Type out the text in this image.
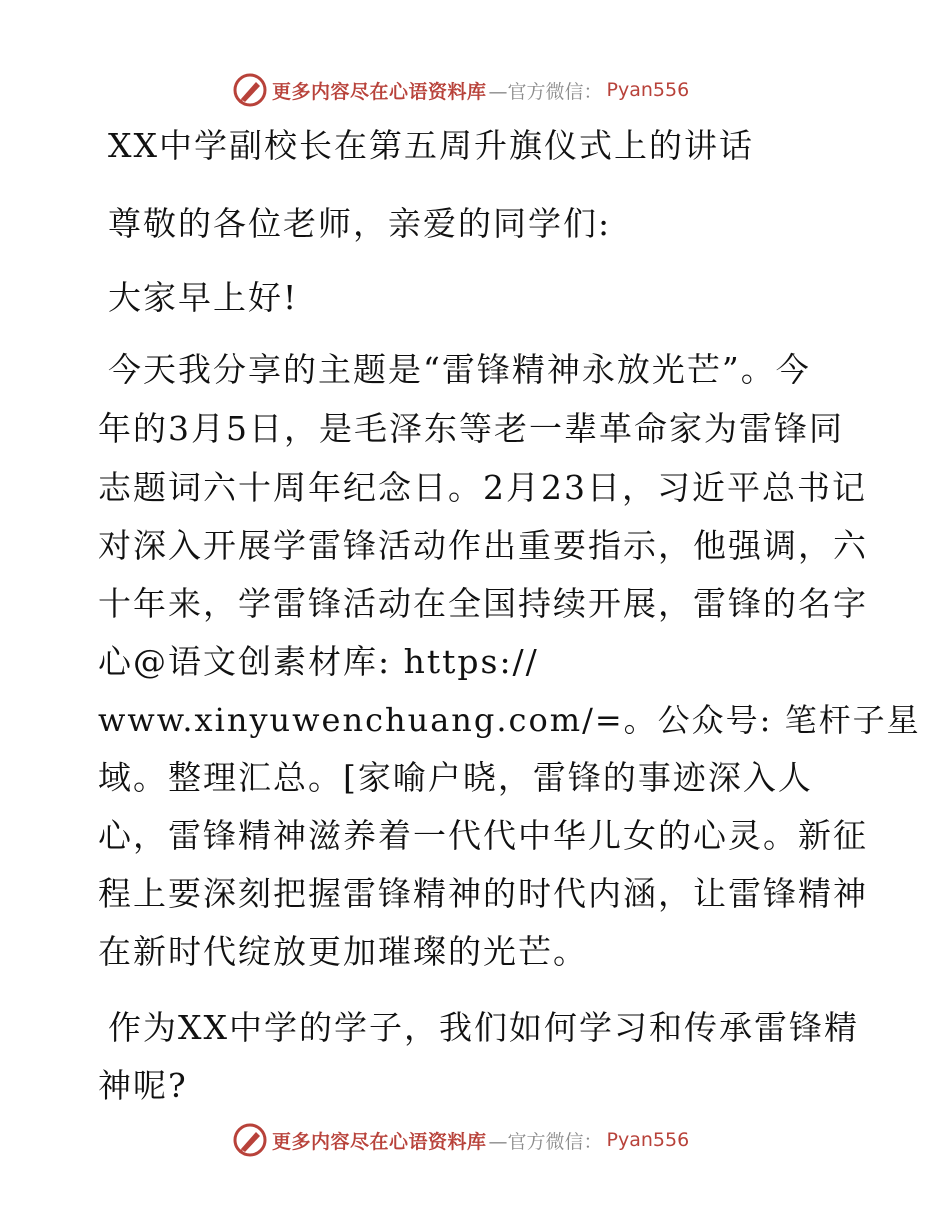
更多内容尽在心语资料库 —官方微信： Pyan556
XX中学副校长在第五周升旗仪式上的讲话
尊敬的各位老师，亲爱的同学们:
大家早上好!
今天我分享的主题是“雷锋精神永放光芒”。今
年的3月5日，是毛泽东等老一辈革命家为雷锋同
志题词六十周年纪念日。2月23日，习近平总书记
对深入开展学雷锋活动作出重要指示，他强调，六
十年来，学雷锋活动在全国持续开展，雷锋的名字
心@语文创素材库: https://
www.xinyuwenchuang.com/=。公众号: 笔杆子星
域。整理汇总。[家喻户晓，雷锋的事迹深入人
心，雷锋精神滋养着一代代中华儿女的心灵。新征
程上要深刻把握雷锋精神的时代内涵，让雷锋精神
在新时代绽放更加璀璨的光芒。
作为XX中学的学子，我们如何学习和传承雷锋精
神呢?
更多内容尽在心语资料库 —官方微信： Pyan556
